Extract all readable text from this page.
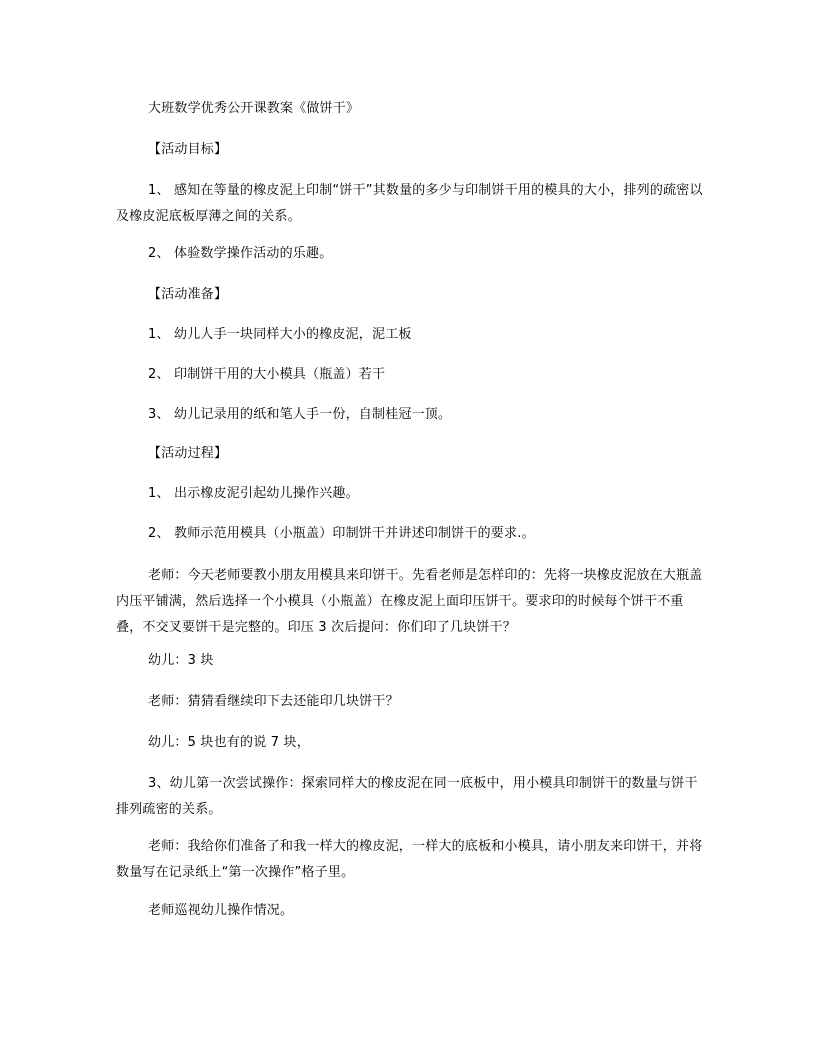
大班数学优秀公开课教案《做饼干》
【活动目标】
1、 感知在等量的橡皮泥上印制“饼干”其数量的多少与印制饼干用的模具的大小，排列的疏密以及橡皮泥底板厚薄之间的关系。
2、 体验数学操作活动的乐趣。
【活动准备】
1、 幼儿人手一块同样大小的橡皮泥，泥工板
2、 印制饼干用的大小模具（瓶盖）若干
3、 幼儿记录用的纸和笔人手一份，自制桂冠一顶。
【活动过程】
1、 出示橡皮泥引起幼儿操作兴趣。
2、 教师示范用模具（小瓶盖）印制饼干并讲述印制饼干的要求.。
老师：今天老师要教小朋友用模具来印饼干。先看老师是怎样印的：先将一块橡皮泥放在大瓶盖内压平铺满，然后选择一个小模具（小瓶盖）在橡皮泥上面印压饼干。要求印的时候每个饼干不重叠，不交叉要饼干是完整的。印压 3 次后提问：你们印了几块饼干？
幼儿：3 块
老师：猜猜看继续印下去还能印几块饼干？
幼儿：5 块也有的说 7 块，
3、幼儿第一次尝试操作：探索同样大的橡皮泥在同一底板中，用小模具印制饼干的数量与饼干排列疏密的关系。
老师：我给你们准备了和我一样大的橡皮泥，一样大的底板和小模具，请小朋友来印饼干，并将数量写在记录纸上“第一次操作”格子里。
老师巡视幼儿操作情况。
